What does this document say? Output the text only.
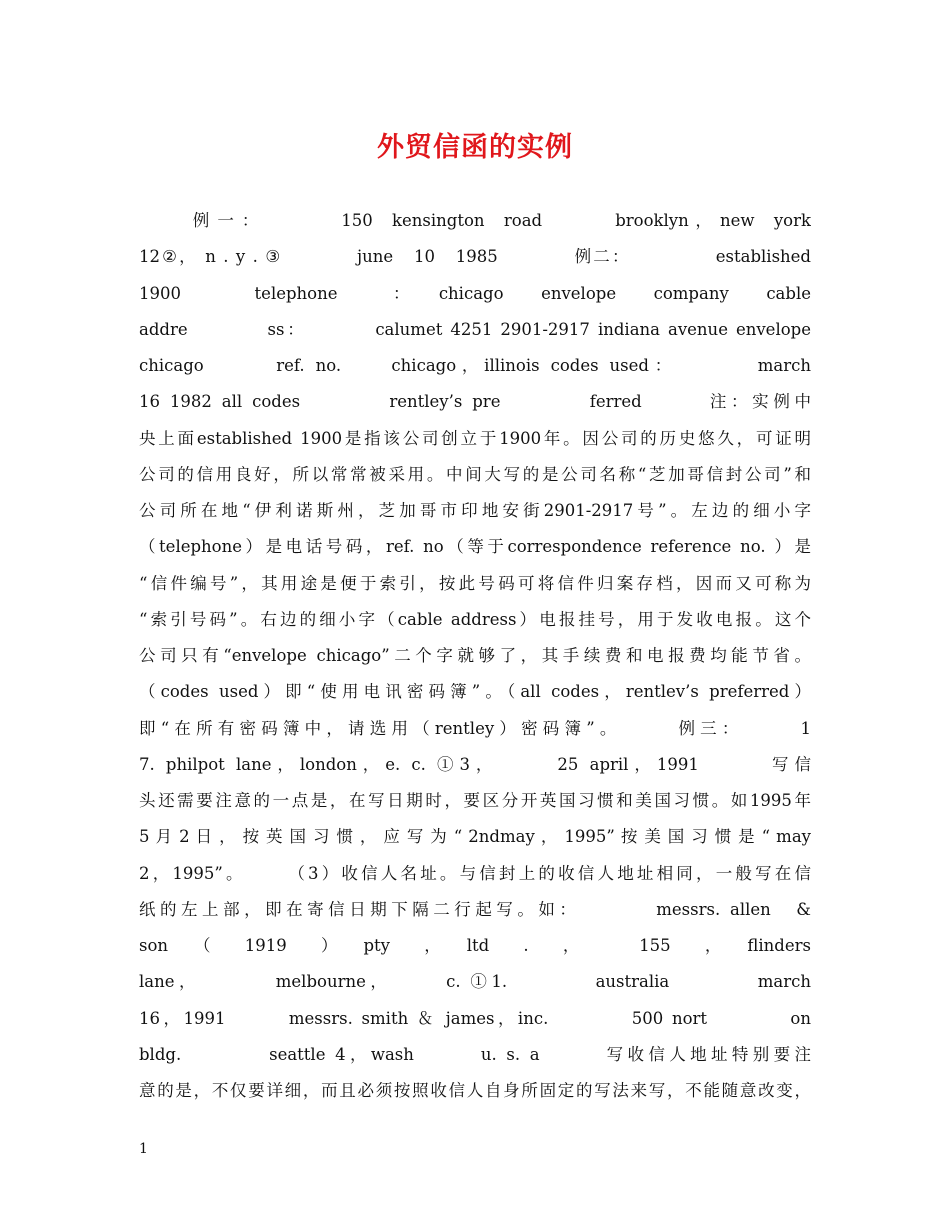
外贸信函的实例
　　　例 一 ：　　　　　150　kensington　road　　　　brooklyn ， new　york
12②， n . y . ③　　　　june　10　1985　　　　例二：　　　　　established
1900　　　　telephone　　　：　　chicago　　envelope　　company　　cable
addre　　　　ss：　　　　calumet 4251 2901-2917 indiana avenue envelope
chicago　　　ref. no.　　chicago，illinois codes used：　　　　march
16 1982 all codes　　　　rentley’s pre　　　　ferred　　　注：实例中
央上面established 1900是指该公司创立于1900年。因公司的历史悠久，可证明
公司的信用良好，所以常常被采用。中间大写的是公司名称“芝加哥信封公司”和
公司所在地“伊利诺斯州，芝加哥市印地安街2901-2917号”。左边的细小字
（telephone）是电话号码，ref. no（等于correspondence reference no. ）是
“信件编号”，其用途是便于索引，按此号码可将信件归案存档，因而又可称为
“索引号码”。右边的细小字（cable address）电报挂号，用于发收电报。这个
公司只有“envelope chicago”二个字就够了，其手续费和电报费均能节省。
（codes used）即“使用电讯密码簿”。（all codes，rentlev’s preferred）
即“在所有密码簿中，请选用（rentley）密码簿”。　　　例三：　　　1
7. philpot lane，london，e. c. ①3，　　　25 april，1991　　　写信
头还需要注意的一点是，在写日期时，要区分开英国习惯和美国习惯。如1995年
5 月 2 日 ， 按 英 国 习 惯 ， 应 写 为 “ 2ndmay ， 1995” 按 美 国 习 惯 是 “ may
2，1995”。　　　（3）收信人名址。与信封上的收信人地址相同，一般写在信
纸的左上部，即在寄信日期下隔二行起写。如：　　　　messrs. allen　&
son　　（　　1919　　）　　pty　　，　　ltd　　.　　，　　　　155　　，　　flinders
lane，　　　　melbourne，　　　c. ①1.　　　　australia　　　　march
16，1991　　　messrs. smith ＆ james，inc.　　　　500 nort　　　　on
bldg.　　　　seattle 4，wash　　　u. s. a　　　写收信人地址特别要注
意的是，不仅要详细，而且必须按照收信人自身所固定的写法来写，不能随意改变，
1
